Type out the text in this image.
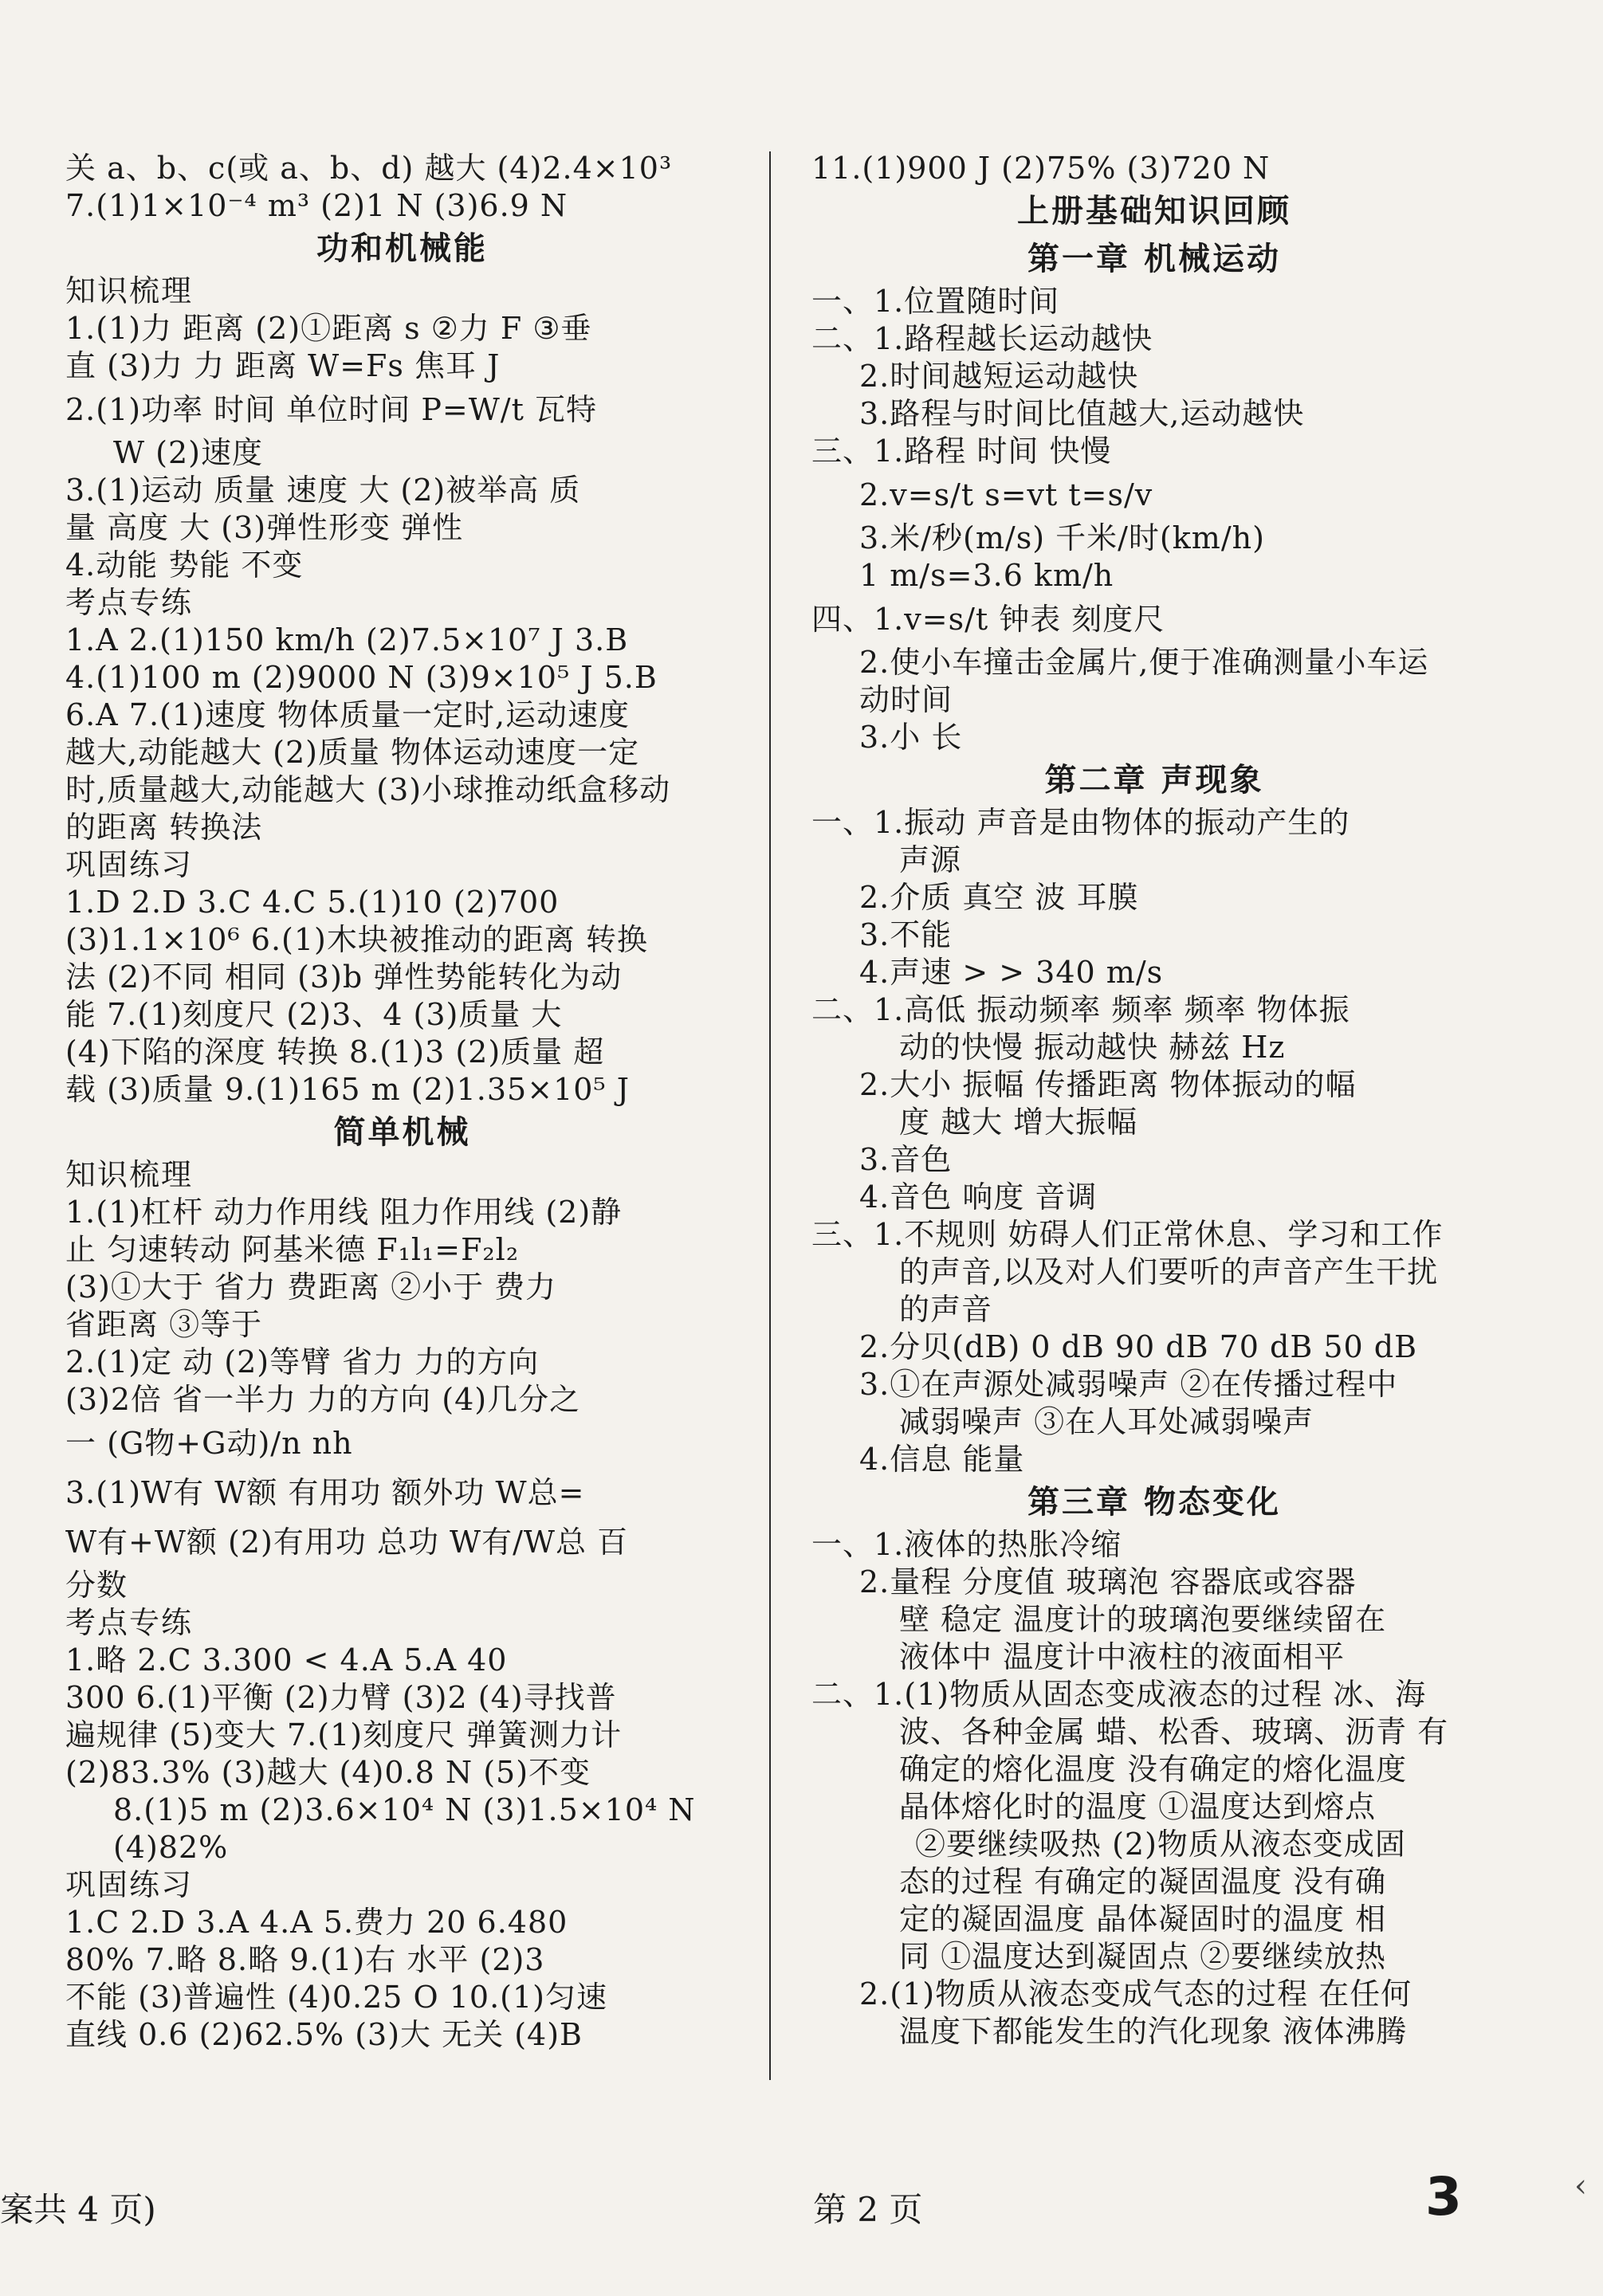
关 a、b、c(或 a、b、d) 越大 (4)2.4×10³
7.(1)1×10⁻⁴ m³ (2)1 N (3)6.9 N
功和机械能
知识梳理
1.(1)力 距离 (2)①距离 s ②力 F ③垂
直 (3)力 力 距离 W=Fs 焦耳 J
2.(1)功率 时间 单位时间 P=W/t 瓦特
W (2)速度
3.(1)运动 质量 速度 大 (2)被举高 质
量 高度 大 (3)弹性形变 弹性
4.动能 势能 不变
考点专练
1.A 2.(1)150 km/h (2)7.5×10⁷ J 3.B
4.(1)100 m (2)9000 N (3)9×10⁵ J 5.B
6.A 7.(1)速度 物体质量一定时,运动速度
越大,动能越大 (2)质量 物体运动速度一定
时,质量越大,动能越大 (3)小球推动纸盒移动
的距离 转换法
巩固练习
1.D 2.D 3.C 4.C 5.(1)10 (2)700
(3)1.1×10⁶ 6.(1)木块被推动的距离 转换
法 (2)不同 相同 (3)b 弹性势能转化为动
能 7.(1)刻度尺 (2)3、4 (3)质量 大
(4)下陷的深度 转换 8.(1)3 (2)质量 超
载 (3)质量 9.(1)165 m (2)1.35×10⁵ J
简单机械
知识梳理
1.(1)杠杆 动力作用线 阻力作用线 (2)静
止 匀速转动 阿基米德 F₁l₁=F₂l₂
(3)①大于 省力 费距离 ②小于 费力
省距离 ③等于
2.(1)定 动 (2)等臂 省力 力的方向
(3)2倍 省一半力 力的方向 (4)几分之
一 (G物+G动)/n nh
3.(1)W有 W额 有用功 额外功 W总=
W有+W额 (2)有用功 总功 W有/W总 百
分数
考点专练
1.略 2.C 3.300 < 4.A 5.A 40
300 6.(1)平衡 (2)力臂 (3)2 (4)寻找普
遍规律 (5)变大 7.(1)刻度尺 弹簧测力计
(2)83.3% (3)越大 (4)0.8 N (5)不变
8.(1)5 m (2)3.6×10⁴ N (3)1.5×10⁴ N
(4)82%
巩固练习
1.C 2.D 3.A 4.A 5.费力 20 6.480
80% 7.略 8.略 9.(1)右 水平 (2)3
不能 (3)普遍性 (4)0.25 O 10.(1)匀速
直线 0.6 (2)62.5% (3)大 无关 (4)B
11.(1)900 J (2)75% (3)720 N
上册基础知识回顾
第一章 机械运动
一、1.位置随时间
二、1.路程越长运动越快
2.时间越短运动越快
3.路程与时间比值越大,运动越快
三、1.路程 时间 快慢
2.v=s/t s=vt t=s/v
3.米/秒(m/s) 千米/时(km/h)
1 m/s=3.6 km/h
四、1.v=s/t 钟表 刻度尺
2.使小车撞击金属片,便于准确测量小车运
动时间
3.小 长
第二章 声现象
一、1.振动 声音是由物体的振动产生的
声源
2.介质 真空 波 耳膜
3.不能
4.声速 > > 340 m/s
二、1.高低 振动频率 频率 频率 物体振
动的快慢 振动越快 赫兹 Hz
2.大小 振幅 传播距离 物体振动的幅
度 越大 增大振幅
3.音色
4.音色 响度 音调
三、1.不规则 妨碍人们正常休息、学习和工作
的声音,以及对人们要听的声音产生干扰
的声音
2.分贝(dB) 0 dB 90 dB 70 dB 50 dB
3.①在声源处减弱噪声 ②在传播过程中
减弱噪声 ③在人耳处减弱噪声
4.信息 能量
第三章 物态变化
一、1.液体的热胀冷缩
2.量程 分度值 玻璃泡 容器底或容器
壁 稳定 温度计的玻璃泡要继续留在
液体中 温度计中液柱的液面相平
二、1.(1)物质从固态变成液态的过程 冰、海
波、各种金属 蜡、松香、玻璃、沥青 有
确定的熔化温度 没有确定的熔化温度
晶体熔化时的温度 ①温度达到熔点
②要继续吸热 (2)物质从液态变成固
态的过程 有确定的凝固温度 没有确
定的凝固温度 晶体凝固时的温度 相
同 ①温度达到凝固点 ②要继续放热
2.(1)物质从液态变成气态的过程 在任何
温度下都能发生的汽化现象 液体沸腾
案共 4 页)	第 2 页	3	‹
